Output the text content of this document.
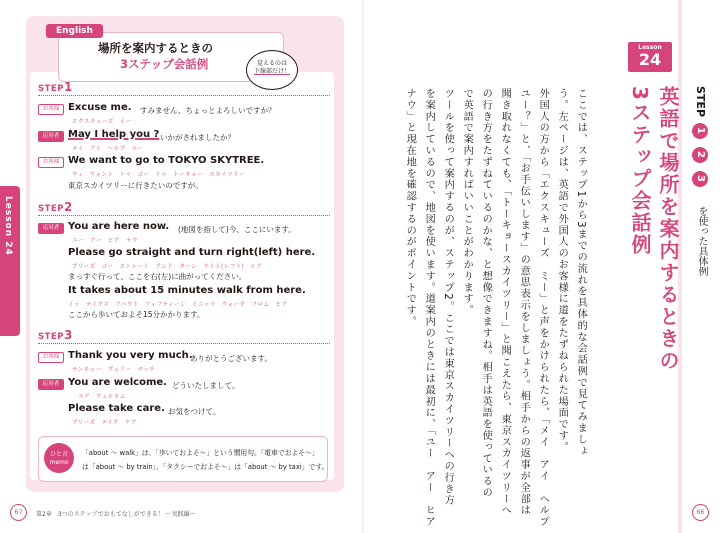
Lesson 24
English
場所を案内するときの
3ステップ会話例	覚えるのは
下線部だけ！
STEP1
お客様 Excuse me. すみません、ちょっとよろしいですか？
エクスキューズ　ミー
応対者 May I help you ? いかがされましたか？
メイ　アイ　ヘルプ　ユー
お客様 We want to go to TOKYO SKYTREE.
ウィ　ウォント　トゥ　ゴー　トゥ　トーキョー　スカイツリー
東京スカイツリーに行きたいのですが。
STEP2
応対者 You are here now. (地図を指して)今、ここにいます。
ユー　アー　ヒア　ナウ
Please go straight and turn right(left) here.
プリーズ　ゴー　ストレート　アンド　ターン　ライト(レフト)　ヒア
まっすぐ行って、ここを右(左)に曲がってください。
It takes about 15 minutes walk from here.
イッ　テイクス　アバウト　フィフティーン　ミニッツ　ウォーク　フロム　ヒア
ここから歩いておよそ15分かかります。
STEP3
お客様 Thank you very much.
ありがとうございます。
サンキュー　ヴェリー　マッチ
応対者 You are welcome. どういたしまして。
ユア　ウェルカム
Please take care. お気をつけて。
プリーズ　テイク　ケア
ひと言
memo
「about ～ walk」は、「歩いておよそ～」という慣用句。「電車でおよそ～」
は「about ～ by train」、「タクシーでおよそ～」は「about ～ by taxi」です。
67	第2章　3つのステップでおもてなしができる！ ～実践編～
ここでは、ステップ1から3までの流れを具体的な会話例で見てみましょ
う。左ページは、英語で外国人のお客様に道をたずねられた場面です。
外国人の方から「エクスキューズ　ミー」と声をかけられたら、「メイ　アイ　ヘルプ
ユー？」と、「お手伝いします」の意思表示をしましょう。相手からの返事が全部は
聞き取れなくても、「トーキョースカイツリー」と聞こえたら、東京スカイツリーへ
の行き方をたずねているのかな、と想像できますね。相手は英語を使っているの
で英語で案内すればいいことがわかります。
ツールを使って案内するのが、ステップ2。ここでは東京スカイツリーへの行き方
を案内しているので、地図を使います。道案内のときには最初に、「ユー　アー　ヒア
ナウ」と現在地を確認するのがポイントです。
Lesson
24
英語で場所を案内するときの
3ステップ会話例	STEP 1 2 3
を使った具体例
66
